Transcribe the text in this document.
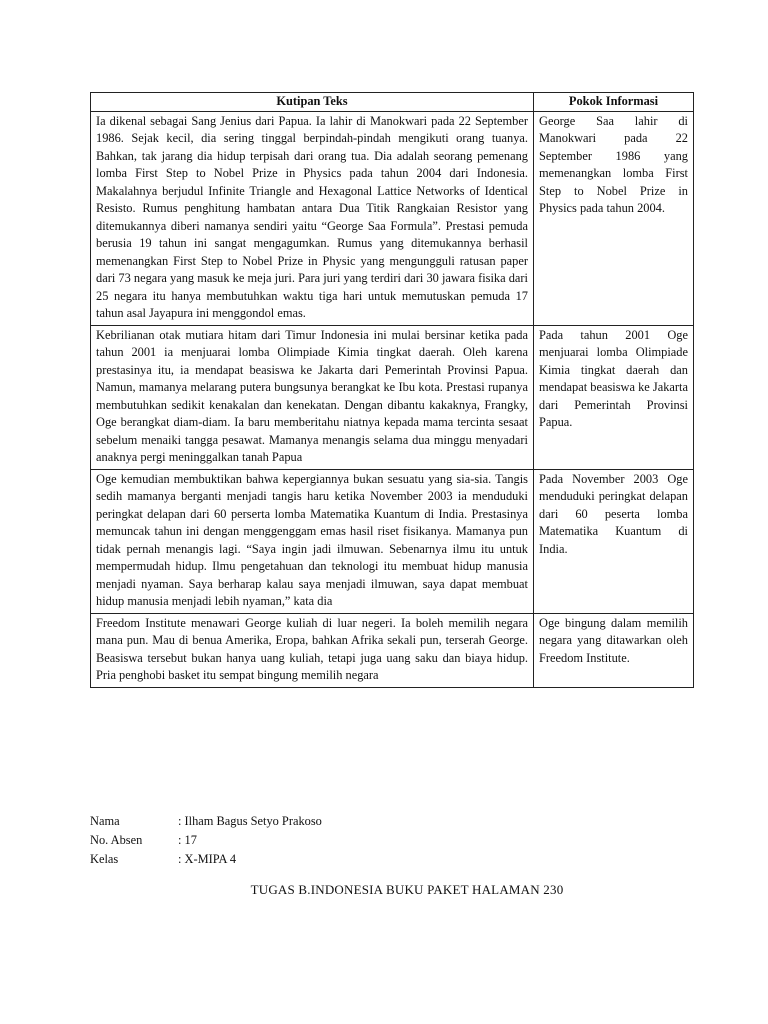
Kutipan Teks	Pokok Informasi

Ia dikenal sebagai Sang Jenius dari Papua. Ia lahir di Manokwari pada 22 September 1986. Sejak kecil, dia sering tinggal berpindah-pindah mengikuti orang tuanya. Bahkan, tak jarang dia hidup terpisah dari orang tua. Dia adalah seorang pemenang lomba First Step to Nobel Prize in Physics pada tahun 2004 dari Indonesia. Makalahnya berjudul Infinite Triangle and Hexagonal Lattice Networks of Identical Resisto. Rumus penghitung hambatan antara Dua Titik Rangkaian Resistor yang ditemukannya diberi namanya sendiri yaitu “George Saa Formula”. Prestasi pemuda berusia 19 tahun ini sangat mengagumkan. Rumus yang ditemukannya berhasil memenangkan First Step to Nobel Prize in Physic yang mengungguli ratusan paper dari 73 negara yang masuk ke meja juri. Para juri yang terdiri dari 30 jawara fisika dari 25 negara itu hanya membutuhkan waktu tiga hari untuk memutuskan pemuda 17 tahun asal Jayapura ini menggondol emas.	George Saa lahir di Manokwari pada 22 September 1986 yang memenangkan lomba First Step to Nobel Prize in Physics pada tahun 2004.

Kebrilianan otak mutiara hitam dari Timur Indonesia ini mulai bersinar ketika pada tahun 2001 ia menjuarai lomba Olimpiade Kimia tingkat daerah. Oleh karena prestasinya itu, ia mendapat beasiswa ke Jakarta dari Pemerintah Provinsi Papua. Namun, mamanya melarang putera bungsunya berangkat ke Ibu kota. Prestasi rupanya membutuhkan sedikit kenakalan dan kenekatan. Dengan dibantu kakaknya, Frangky, Oge berangkat diam-diam. Ia baru memberitahu niatnya kepada mama tercinta sesaat sebelum menaiki tangga pesawat. Mamanya menangis selama dua minggu menyadari anaknya pergi meninggalkan tanah Papua	Pada tahun 2001 Oge menjuarai lomba Olimpiade Kimia tingkat daerah dan mendapat beasiswa ke Jakarta dari Pemerintah Provinsi Papua.

Oge kemudian membuktikan bahwa kepergiannya bukan sesuatu yang sia-sia. Tangis sedih mamanya berganti menjadi tangis haru ketika November 2003 ia menduduki peringkat delapan dari 60 perserta lomba Matematika Kuantum di India. Prestasinya memuncak tahun ini dengan menggenggam emas hasil riset fisikanya. Mamanya pun tidak pernah menangis lagi. “Saya ingin jadi ilmuwan. Sebenarnya ilmu itu untuk mempermudah hidup. Ilmu pengetahuan dan teknologi itu membuat hidup manusia menjadi nyaman. Saya berharap kalau saya menjadi ilmuwan, saya dapat membuat hidup manusia menjadi lebih nyaman,” kata dia	Pada November 2003 Oge menduduki peringkat delapan dari 60 peserta lomba Matematika Kuantum di India.

Freedom Institute menawari George kuliah di luar negeri. Ia boleh memilih negara mana pun. Mau di benua Amerika, Eropa, bahkan Afrika sekali pun, terserah George. Beasiswa tersebut bukan hanya uang kuliah, tetapi juga uang saku dan biaya hidup. Pria penghobi basket itu sempat bingung memilih negara	Oge bingung dalam memilih negara yang ditawarkan oleh Freedom Institute.
Nama	: Ilham Bagus Setyo Prakoso
No. Absen	: 17
Kelas	: X-MIPA 4
TUGAS B.INDONESIA BUKU PAKET HALAMAN 230
